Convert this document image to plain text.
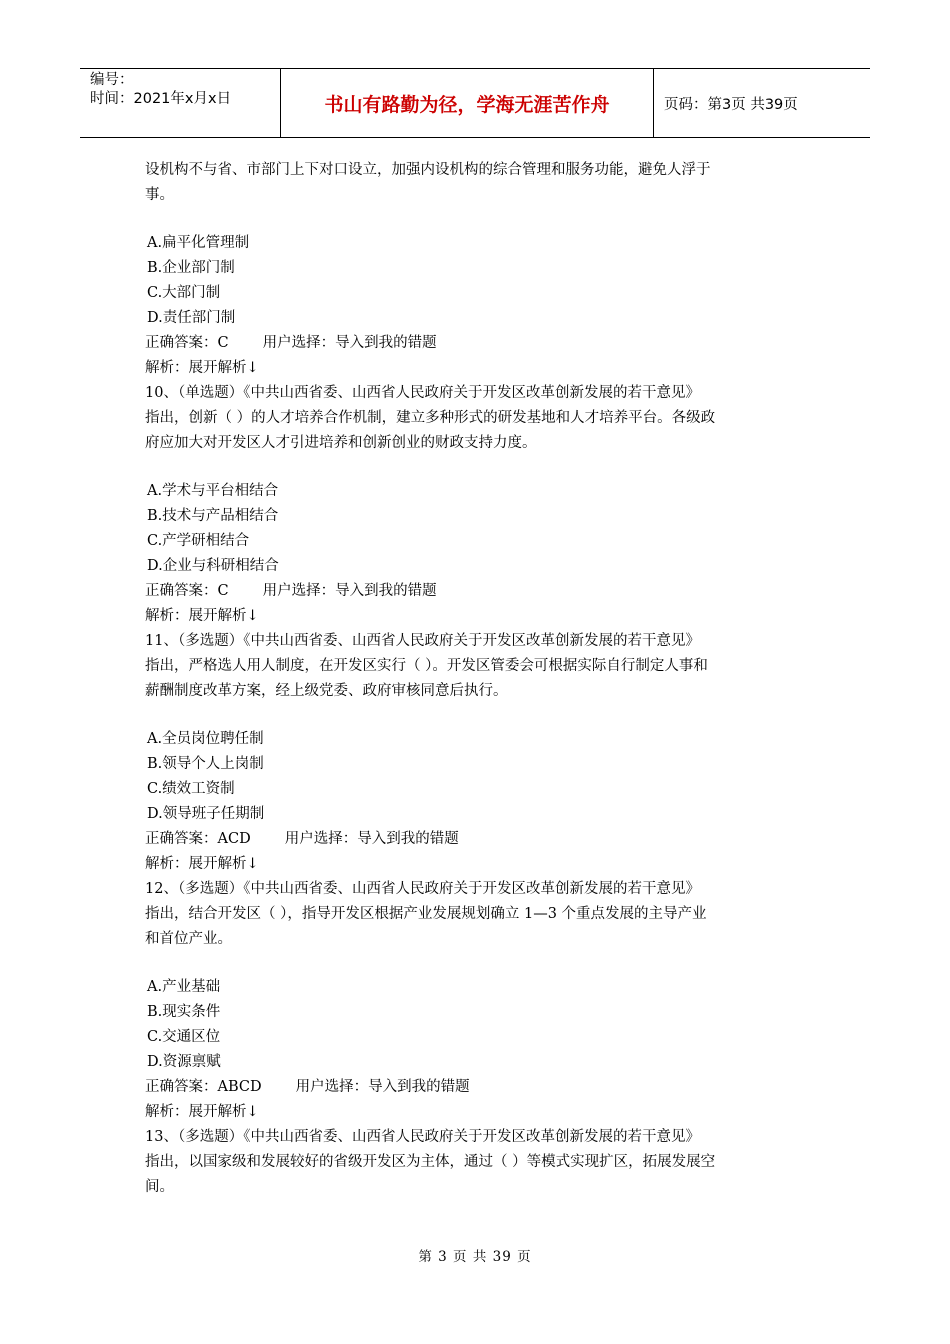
编号：
时间：2021年x月x日	书山有路勤为径，学海无涯苦作舟	页码：第3页 共39页

设机构不与省、市部门上下对口设立，加强内设机构的综合管理和服务功能，避免人浮于

事。

A.扁平化管理制

B.企业部门制

C.大部门制

D.责任部门制

正确答案：C 用户选择：导入到我的错题

解析：展开解析↓

10、（单选题）《中共山西省委、山西省人民政府关于开发区改革创新发展的若干意见》

指出，创新（ ）的人才培养合作机制，建立多种形式的研发基地和人才培养平台。各级政

府应加大对开发区人才引进培养和创新创业的财政支持力度。

A.学术与平台相结合

B.技术与产品相结合

C.产学研相结合

D.企业与科研相结合

正确答案：C 用户选择：导入到我的错题

解析：展开解析↓

11、（多选题）《中共山西省委、山西省人民政府关于开发区改革创新发展的若干意见》

指出，严格选人用人制度，在开发区实行（ ）。开发区管委会可根据实际自行制定人事和

薪酬制度改革方案，经上级党委、政府审核同意后执行。

A.全员岗位聘任制

B.领导个人上岗制

C.绩效工资制

D.领导班子任期制

正确答案：ACD 用户选择：导入到我的错题

解析：展开解析↓

12、（多选题）《中共山西省委、山西省人民政府关于开发区改革创新发展的若干意见》

指出，结合开发区（ ），指导开发区根据产业发展规划确立 1—3 个重点发展的主导产业

和首位产业。

A.产业基础

B.现实条件

C.交通区位

D.资源禀赋

正确答案：ABCD 用户选择：导入到我的错题

解析：展开解析↓

13、（多选题）《中共山西省委、山西省人民政府关于开发区改革创新发展的若干意见》

指出，以国家级和发展较好的省级开发区为主体，通过（ ）等模式实现扩区，拓展发展空

间。

第 3 页 共 39 页
